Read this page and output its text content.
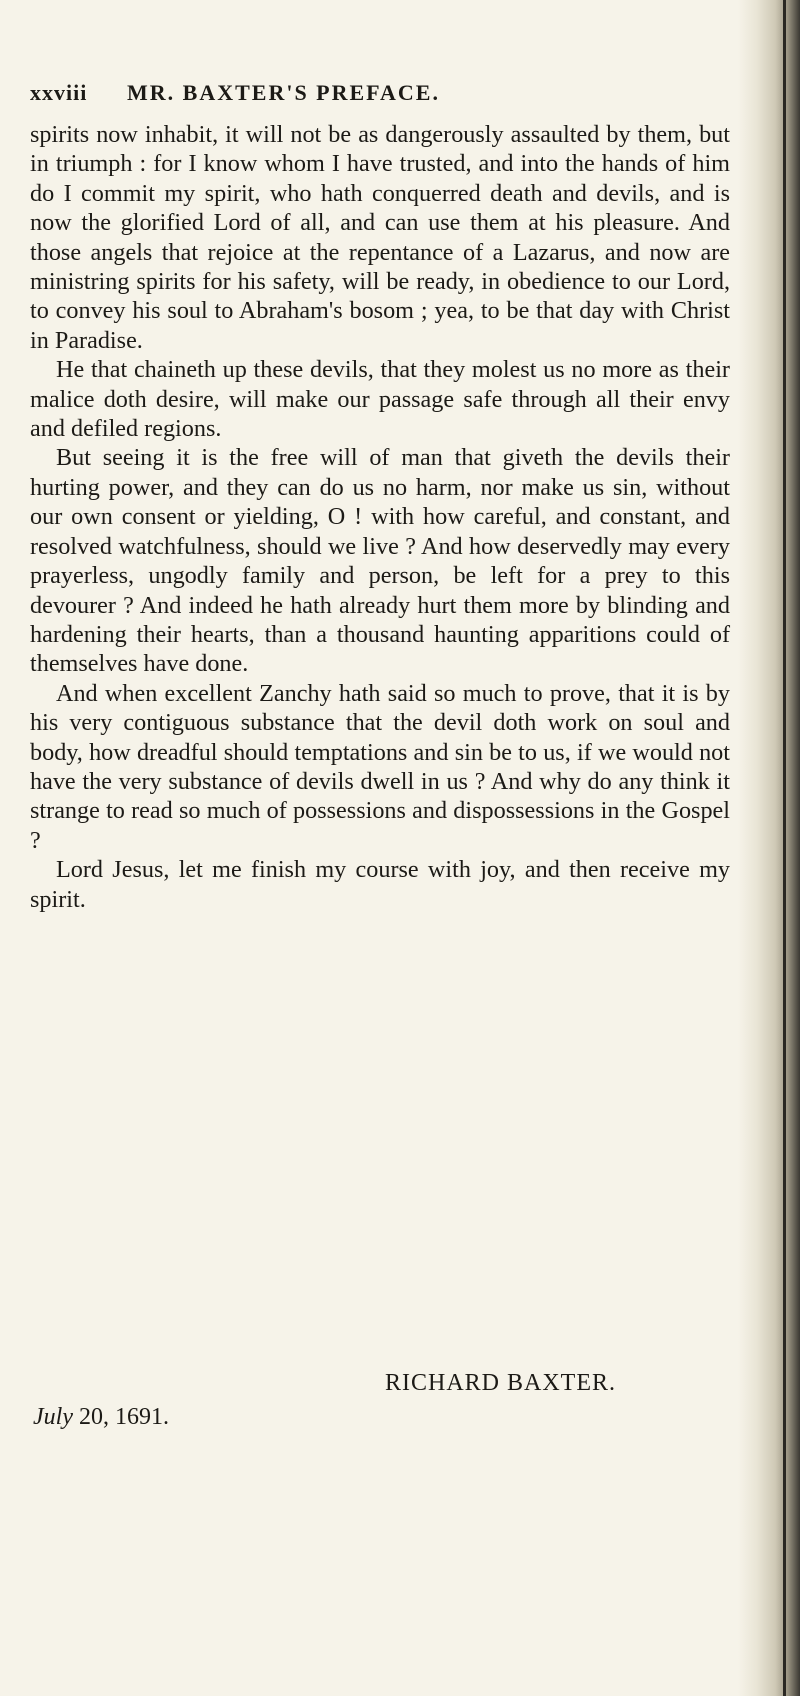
xxviii MR. BAXTER'S PREFACE.

spirits now inhabit, it will not be as dangerously assaulted by them, but in triumph : for I know whom I have trusted, and into the hands of him do I commit my spirit, who hath conquerred death and devils, and is now the glorified Lord of all, and can use them at his pleasure. And those angels that rejoice at the repentance of a Lazarus, and now are ministring spirits for his safety, will be ready, in obedience to our Lord, to convey his soul to Abraham's bosom ; yea, to be that day with Christ in Paradise.

He that chaineth up these devils, that they molest us no more as their malice doth desire, will make our passage safe through all their envy and defiled regions.

But seeing it is the free will of man that giveth the devils their hurting power, and they can do us no harm, nor make us sin, without our own consent or yielding, O ! with how careful, and constant, and resolved watchfulness, should we live ? And how deservedly may every prayerless, ungodly family and person, be left for a prey to this devourer ? And indeed he hath already hurt them more by blinding and hardening their hearts, than a thousand haunting apparitions could of themselves have done.

And when excellent Zanchy hath said so much to prove, that it is by his very contiguous substance that the devil doth work on soul and body, how dreadful should temptations and sin be to us, if we would not have the very substance of devils dwell in us ? And why do any think it strange to read so much of possessions and dispossessions in the Gospel ?

Lord Jesus, let me finish my course with joy, and then receive my spirit.

RICHARD BAXTER.
July 20, 1691.
